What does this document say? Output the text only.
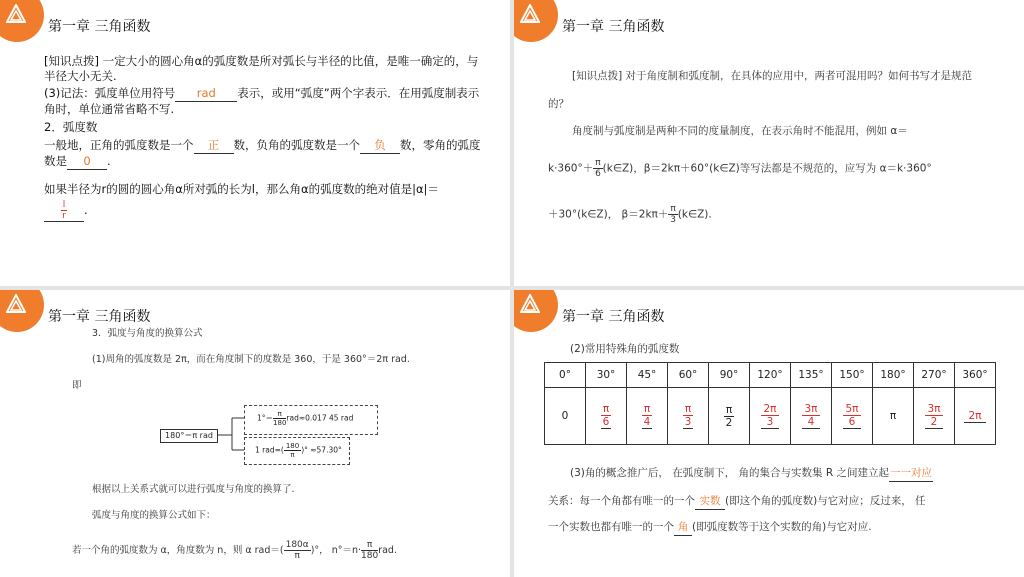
第一章 三角函数
[知识点拨] 一定大小的圆心角α的弧度数是所对弧长与半径的比值，是唯一确定的，与半径大小无关.
(3)记法：弧度单位用符号 rad 表示，或用“弧度”两个字表示．在用弧度制表示角时，单位通常省略不写.
2．弧度数
一般地，正角的弧度数是一个 正 数，负角的弧度数是一个 负 数，零角的弧度数是 0 .
如果半径为r的圆的圆心角α所对弧的长为l，那么角α的弧度数的绝对值是|α|＝
$\frac{l}{r}$ .
第一章 三角函数
[知识点拨] 对于角度制和弧度制，在具体的应用中，两者可混用吗？如何书写才是规范的？
角度制与弧度制是两种不同的度量制度，在表示角时不能混用，例如 α＝
$k\cdot 360^\circ+ \frac{\pi}{6}$ (k∈Z)，β＝2kπ＋60°(k∈Z)等写法都是不规范的，应写为 α＝k·360°
＋30°(k∈Z)， $\beta=2k\pi+ \frac{\pi}{3}$ (k∈Z).
第一章 三角函数
3．弧度与角度的换算公式
(1)周角的弧度数是 2π，而在角度制下的度数是 360，于是 360°＝2π rad.
即
180°＝π rad
$1^\circ= \frac{\pi}{180} rad\approx 0.017$ 45 rad
1 $rad=( \frac{180}{\pi}$ )° ≈57.30°
根据以上关系式就可以进行弧度与角度的换算了.
弧度与角度的换算公式如下：
若一个角的弧度数为 α，角度数为 n，则 α $rad=( \frac{180\alpha}{\pi}$ )°， $n^\circ=n\cdot \frac{\pi}{180}$ rad.
第一章 三角函数
(2)常用特殊角的弧度数
0°	30°	45°	60°	90°	120°	135°	150°	180°	270°	360°
0	$\frac{\pi}{6}$	$\frac{\pi}{4}$	$\frac{\pi}{3}$	$\frac{\pi}{2}$	$\frac{2\pi}{3}$	$\frac{3\pi}{4}$	$\frac{5\pi}{6}$	π	$\frac{3\pi}{2}$	2π
(3)角的概念推广后， 在弧度制下， 角的集合与实数集 R 之间建立起一一对应
关系：每一个角都有唯一的一个 实数 (即这个角的弧度数)与它对应；反过来， 任
一个实数也都有唯一的一个 角 (即弧度数等于这个实数的角)与它对应.
